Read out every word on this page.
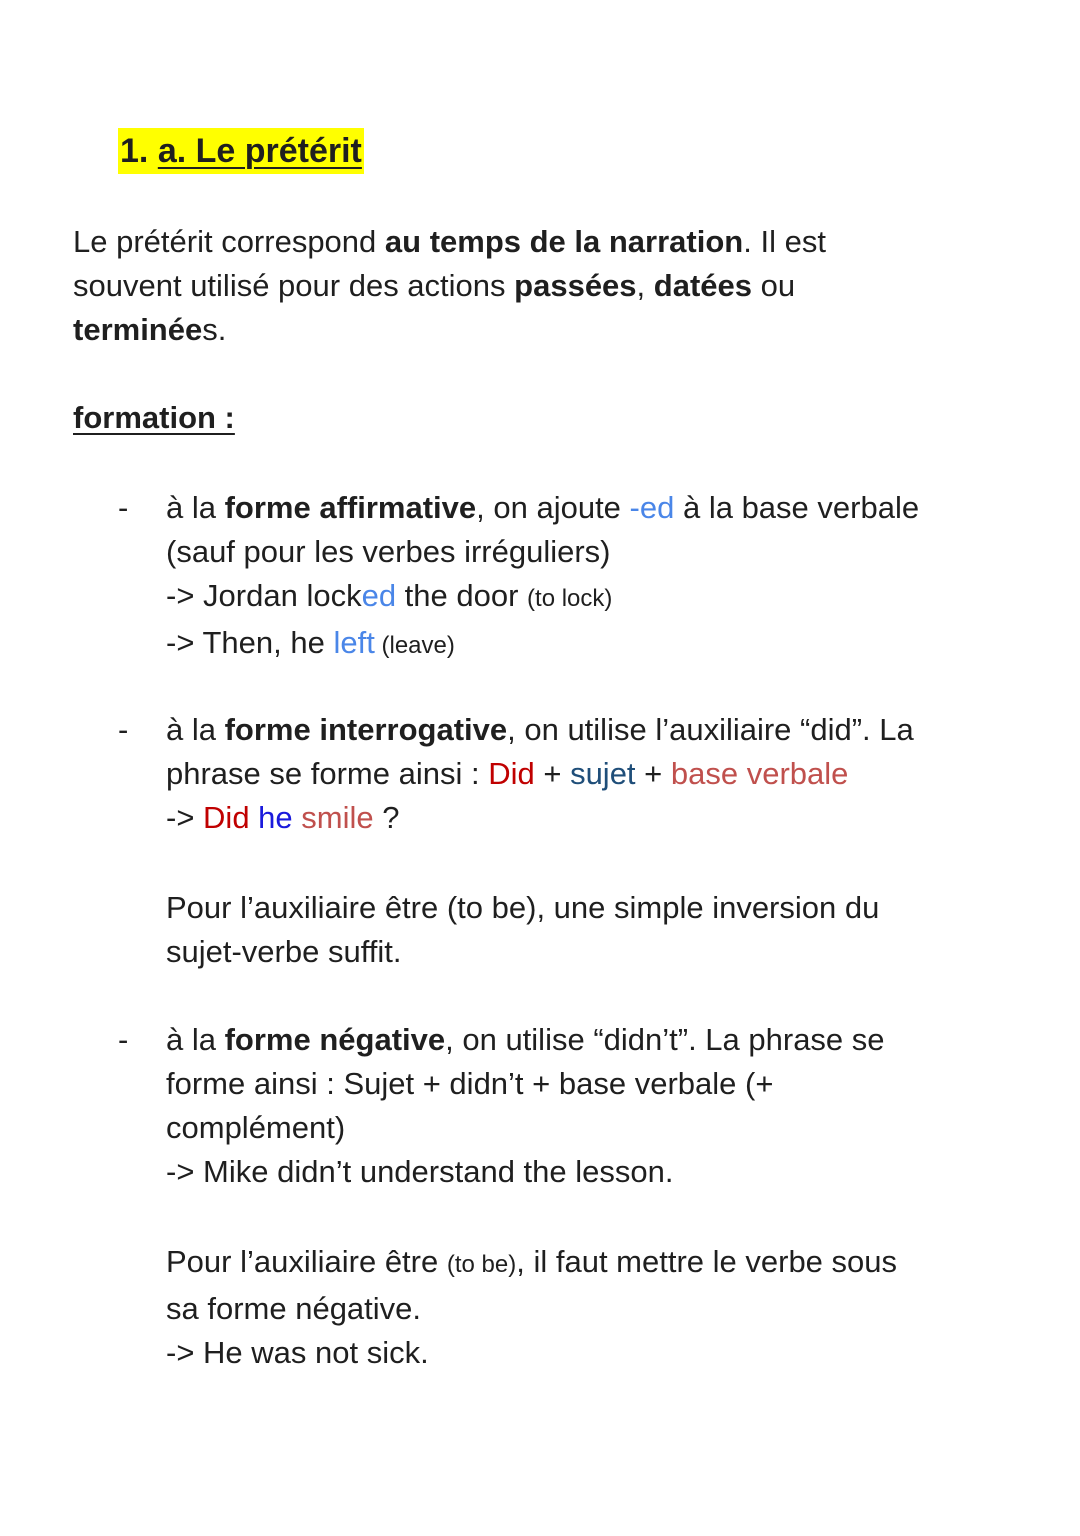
1. a. Le prétérit
Le prétérit correspond au temps de la narration. Il est
souvent utilisé pour des actions passées, datées ou
terminées.
formation :
- à la forme affirmative, on ajoute -ed à la base verbale
(sauf pour les verbes irréguliers)
-> Jordan locked the door (to lock)
-> Then, he left (leave)
- à la forme interrogative, on utilise l’auxiliaire “did”. La
phrase se forme ainsi : Did + sujet + base verbale
-> Did he smile ?
Pour l’auxiliaire être (to be), une simple inversion du
sujet-verbe suffit.
- à la forme négative, on utilise “didn’t”. La phrase se
forme ainsi : Sujet + didn’t + base verbale (+
complément)
-> Mike didn’t understand the lesson.
Pour l’auxiliaire être (to be), il faut mettre le verbe sous
sa forme négative.
-> He was not sick.
